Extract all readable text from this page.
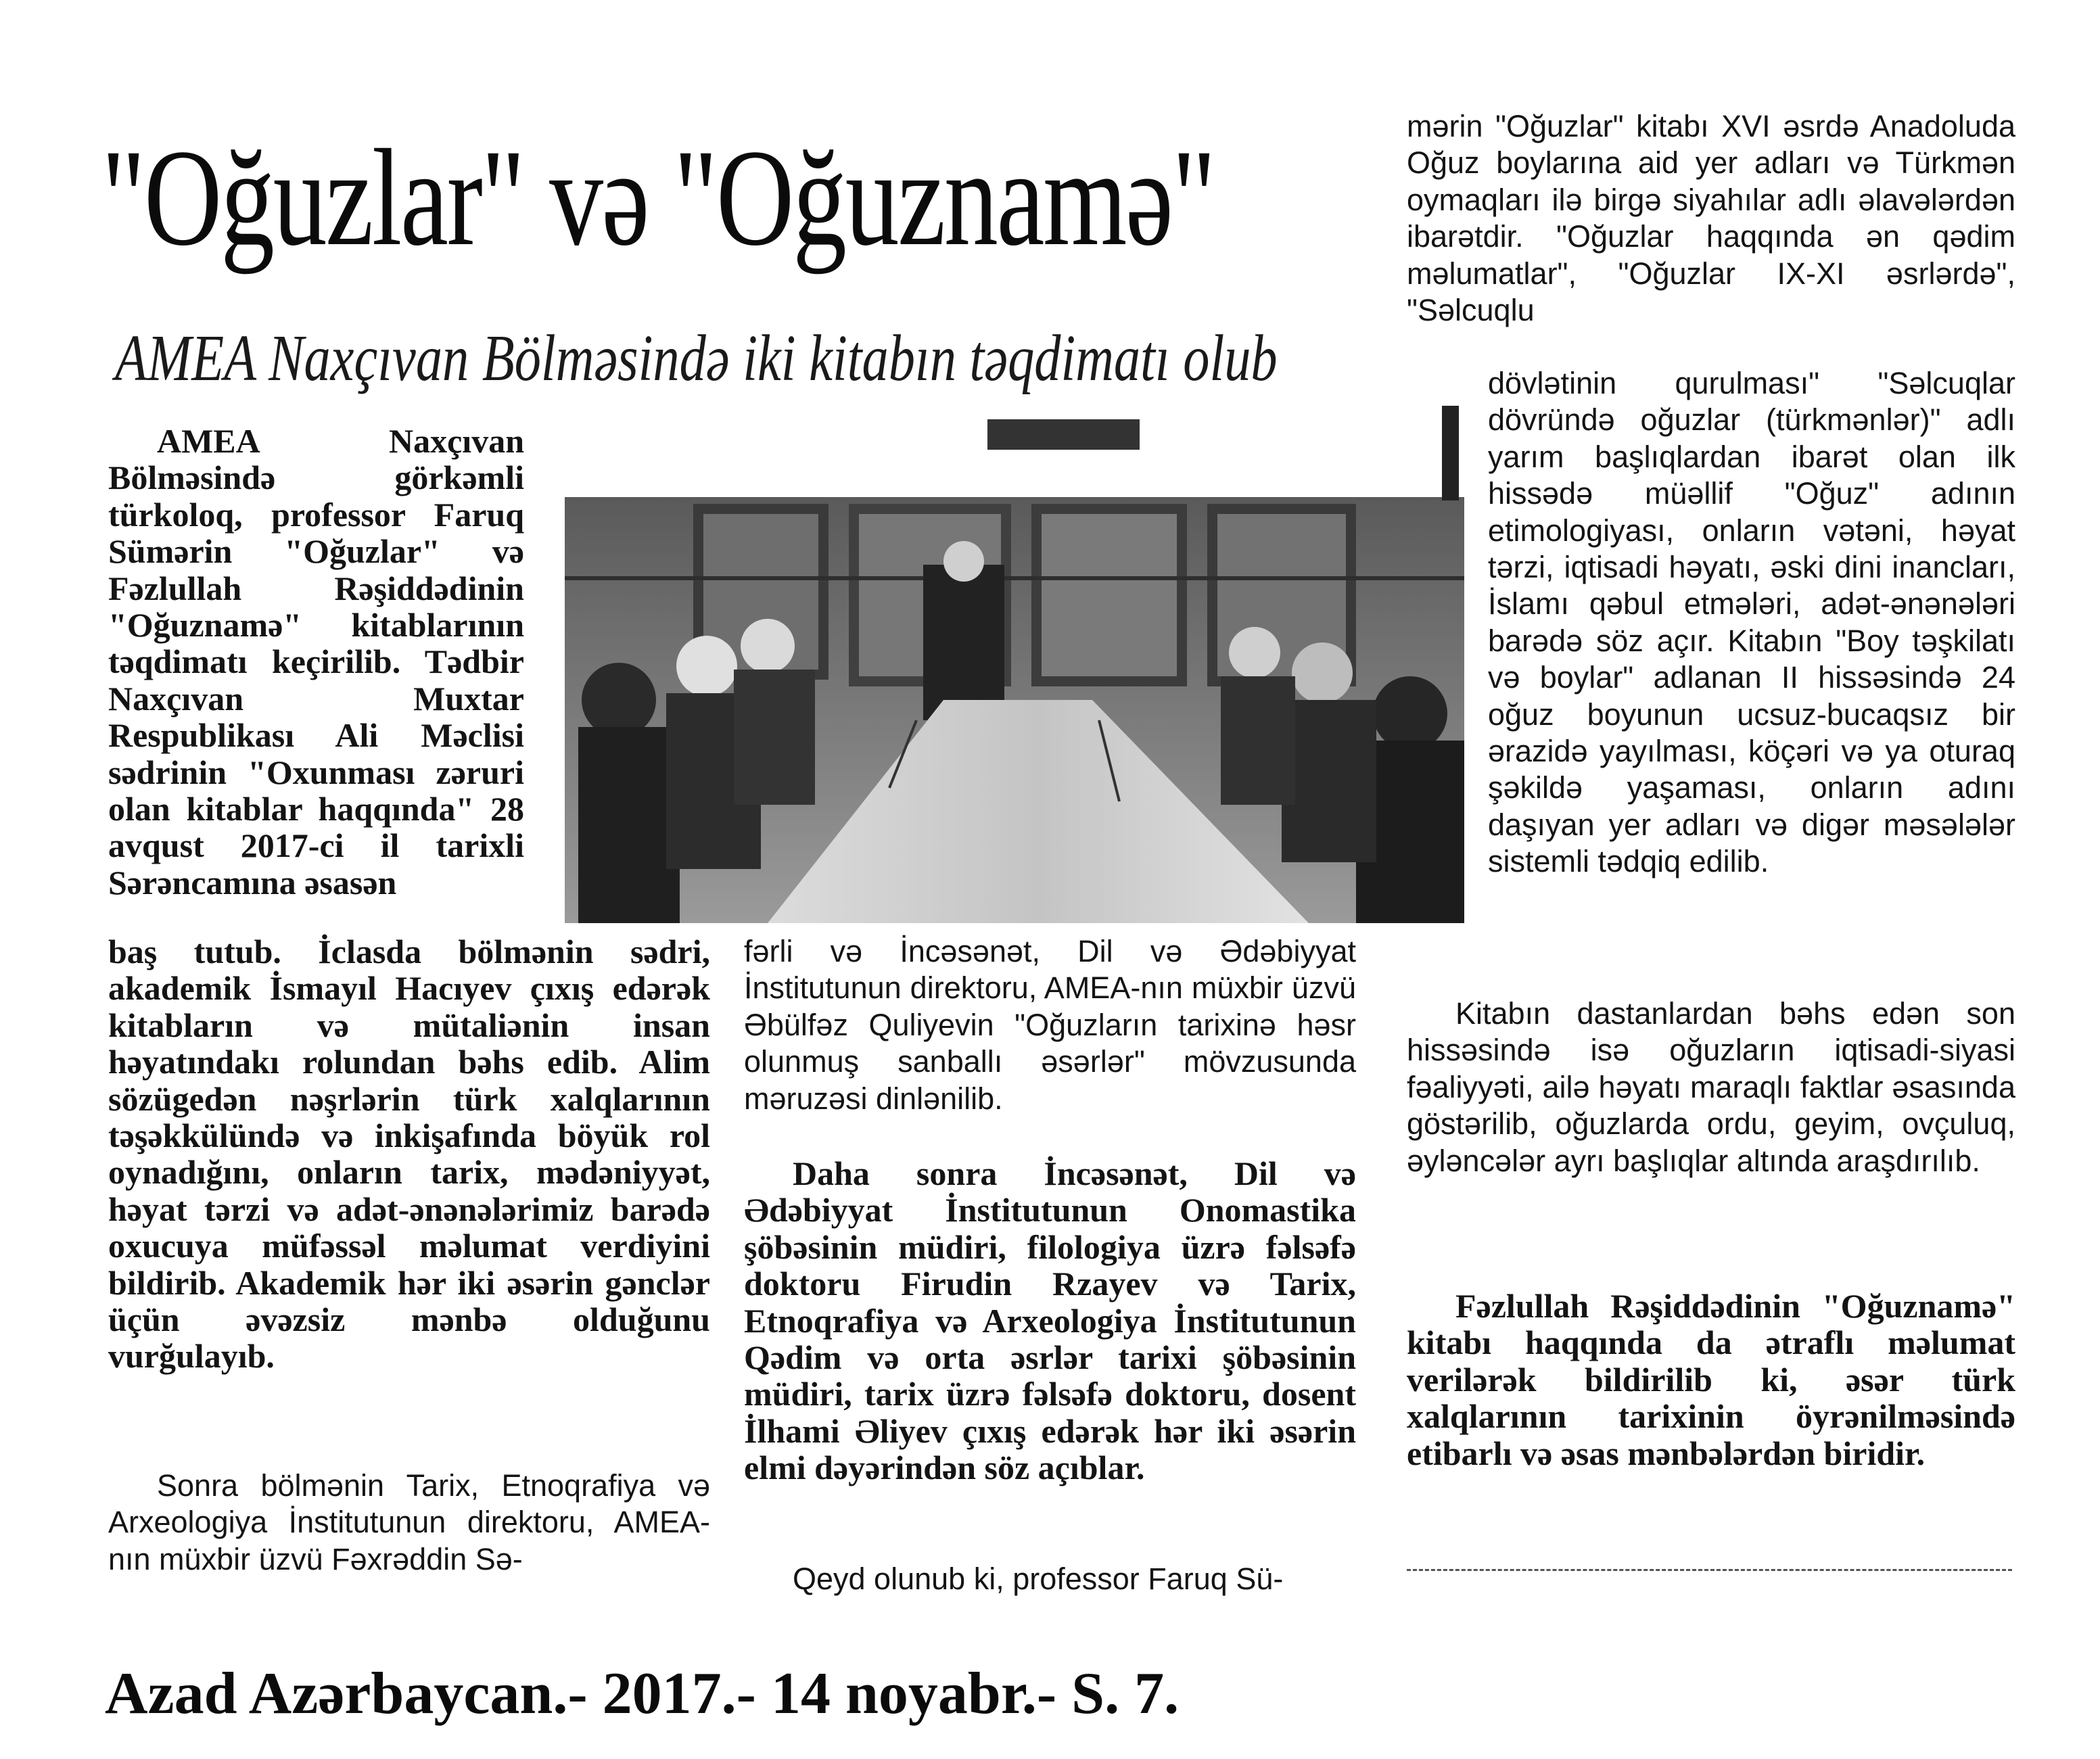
"Oğuzlar" və "Oğuznamə"
AMEA Naxçıvan Bölməsində iki kitabın təqdimatı olub

AMEA Naxçıvan Bölməsində görkəmli türkoloq, professor Faruq Sümərin "Oğuzlar" və Fəzlullah Rəşiddədinin "Oğuznamə" kitablarının təqdimatı keçirilib. Tədbir Naxçıvan Muxtar Respublikası Ali Məclisi sədrinin "Oxunması zəruri olan kitablar haqqında" 28 avqust 2017-ci il tarixli Sərəncamına əsasən

baş tutub. İclasda bölmənin sədri, akademik İsmayıl Hacıyev çıxış edərək kitabların və mütaliənin insan həyatındakı rolundan bəhs edib. Alim sözügedən nəşrlərin türk xalqlarının təşəkkülündə və inkişafında böyük rol oynadığını, onların tarix, mədəniyyət, həyat tərzi və adət-ənənələrimiz barədə oxucuya müfəssəl məlumat verdiyini bildirib. Akademik hər iki əsərin gənclər üçün əvəzsiz mənbə olduğunu vurğulayıb.

Sonra bölmənin Tarix, Etnoqrafiya və Arxeologiya İnstitutunun direktoru, AMEA-nın müxbir üzvü Fəxrəddin Sə-

fərli və İncəsənət, Dil və Ədəbiyyat İnstitutunun direktoru, AMEA-nın müxbir üzvü Əbülfəz Quliyevin "Oğuzların tarixinə həsr olunmuş sanballı əsərlər" mövzusunda məruzəsi dinlənilib.

Daha sonra İncəsənət, Dil və Ədəbiyyat İnstitutunun Onomastika şöbəsinin müdiri, filologiya üzrə fəlsəfə doktoru Firudin Rzayev və Tarix, Etnoqrafiya və Arxeologiya İnstitutunun Qədim və orta əsrlər tarixi şöbəsinin müdiri, tarix üzrə fəlsəfə doktoru, dosent İlhami Əliyev çıxış edərək hər iki əsərin elmi dəyərindən söz açıblar.

Qeyd olunub ki, professor Faruq Sü-

mərin "Oğuzlar" kitabı XVI əsrdə Anadoluda Oğuz boylarına aid yer adları və Türkmən oymaqları ilə birgə siyahılar adlı əlavələrdən ibarətdir. "Oğuzlar haqqında ən qədim məlumatlar", "Oğuzlar IX-XI əsrlərdə", "Səlcuqlu

dövlətinin qurulması" "Səlcuqlar dövründə oğuzlar (türkmənlər)" adlı yarım başlıqlardan ibarət olan ilk hissədə müəllif "Oğuz" adının etimologiyası, onların vətəni, həyat tərzi, iqtisadi həyatı, əski dini inancları, İslamı qəbul etmələri, adət-ənənələri barədə söz açır. Kitabın "Boy təşkilatı və boylar" adlanan II hissəsində 24 oğuz boyunun ucsuz-bucaqsız bir ərazidə yayılması, köçəri və ya oturaq şəkildə yaşaması, onların adını daşıyan yer adları və digər məsələlər sistemli tədqiq edilib.

Kitabın dastanlardan bəhs edən son hissəsində isə oğuzların iqtisadi-siyasi fəaliyyəti, ailə həyatı maraqlı faktlar əsasında göstərilib, oğuzlarda ordu, geyim, ovçuluq, əyləncələr ayrı başlıqlar altında araşdırılıb.

Fəzlullah Rəşiddədinin "Oğuznamə" kitabı haqqında da ətraflı məlumat verilərək bildirilib ki, əsər türk xalqlarının tarixinin öyrənilməsində etibarlı və əsas mənbələrdən biridir.

Azad Azərbaycan.- 2017.- 14 noyabr.- S. 7.
